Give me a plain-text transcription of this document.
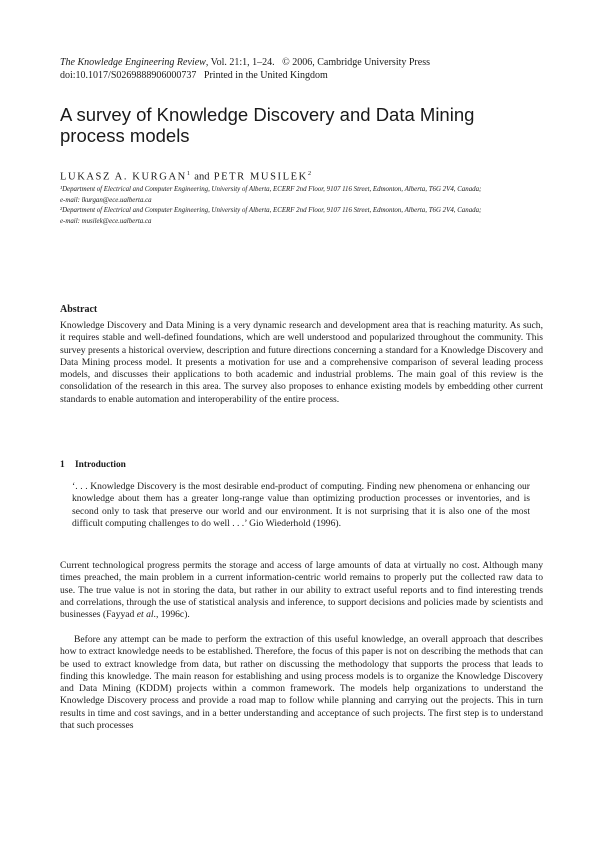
The Knowledge Engineering Review, Vol. 21:1, 1–24. © 2006, Cambridge University Press
doi:10.1017/S0269888906000737 Printed in the United Kingdom
A survey of Knowledge Discovery and Data Mining process models
LUKASZ A. KURGAN$^1$ and PETR MUSILEK$^2$
¹Department of Electrical and Computer Engineering, University of Alberta, ECERF 2nd Floor, 9107 116 Street, Edmonton, Alberta, T6G 2V4, Canada;
e-mail: lkurgan@ece.ualberta.ca
²Department of Electrical and Computer Engineering, University of Alberta, ECERF 2nd Floor, 9107 116 Street, Edmonton, Alberta, T6G 2V4, Canada;
e-mail: musilek@ece.ualberta.ca
Abstract

Knowledge Discovery and Data Mining is a very dynamic research and development area that is reaching maturity. As such, it requires stable and well-defined foundations, which are well understood and popularized throughout the community. This survey presents a historical overview, description and future directions concerning a standard for a Knowledge Discovery and Data Mining process model. It presents a motivation for use and a comprehensive comparison of several leading process models, and discusses their applications to both academic and industrial problems. The main goal of this review is the consolidation of the research in this area. The survey also proposes to enhance existing models by embedding other current standards to enable automation and interoperability of the entire process.

1 Introduction

‘. . . Knowledge Discovery is the most desirable end-product of computing. Finding new phenomena or enhancing our knowledge about them has a greater long-range value than optimizing production processes or inventories, and is second only to task that preserve our world and our environment. It is not surprising that it is also one of the most difficult computing challenges to do well . . .’ Gio Wiederhold (1996).

Current technological progress permits the storage and access of large amounts of data at virtually no cost. Although many times preached, the main problem in a current information-centric world remains to properly put the collected raw data to use. The true value is not in storing the data, but rather in our ability to extract useful reports and to find interesting trends and correlations, through the use of statistical analysis and inference, to support decisions and policies made by scientists and businesses (Fayyad et al., 1996c).

Before any attempt can be made to perform the extraction of this useful knowledge, an overall approach that describes how to extract knowledge needs to be established. Therefore, the focus of this paper is not on describing the methods that can be used to extract knowledge from data, but rather on discussing the methodology that supports the process that leads to finding this knowledge. The main reason for establishing and using process models is to organize the Knowledge Discovery and Data Mining (KDDM) projects within a common framework. The models help organizations to understand the Knowledge Discovery process and provide a road map to follow while planning and carrying out the projects. This in turn results in time and cost savings, and in a better understanding and acceptance of such projects. The first step is to understand that such processes
